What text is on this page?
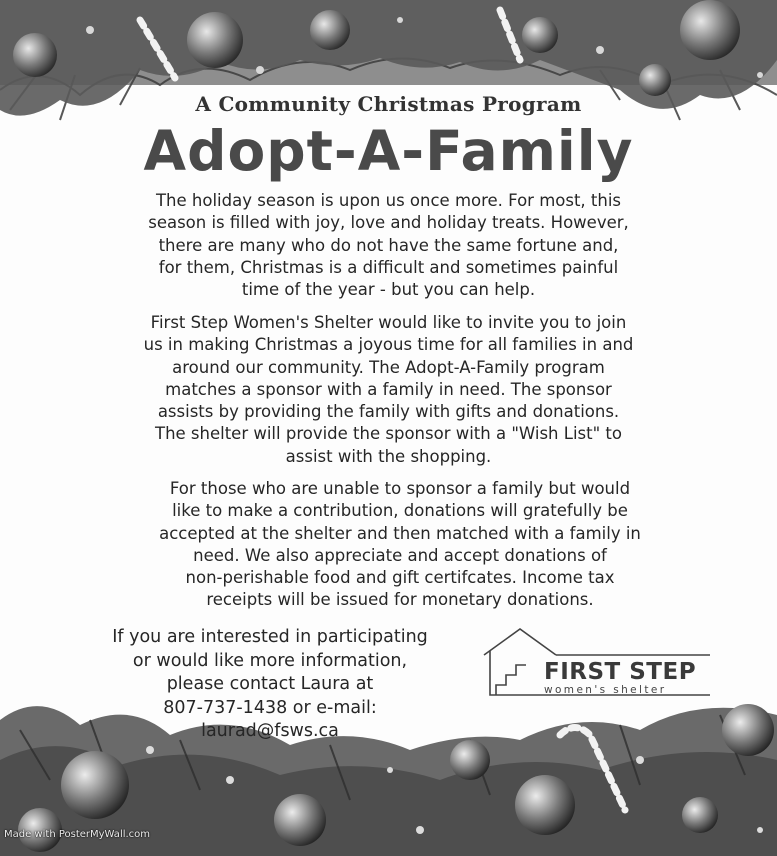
A Community Christmas Program
Adopt-A-Family
The holiday season is upon us once more. For most, this
season is filled with joy, love and holiday treats. However,
there are many who do not have the same fortune and,
for them, Christmas is a difficult and sometimes painful
time of the year - but you can help.
First Step Women's Shelter would like to invite you to join
us in making Christmas a joyous time for all families in and
around our community. The Adopt-A-Family program
matches a sponsor with a family in need. The sponsor
assists by providing the family with gifts and donations.
The shelter will provide the sponsor with a "Wish List" to
assist with the shopping.
For those who are unable to sponsor a family but would
like to make a contribution, donations will gratefully be
accepted at the shelter and then matched with a family in
need. We also appreciate and accept donations of
non-perishable food and gift certifcates. Income tax
receipts will be issued for monetary donations.
If you are interested in participating
or would like more information,
please contact Laura at
807-737-1438 or e-mail:
laurad@fsws.ca
FIRST STEP
women's shelter
Made with PosterMyWall.com
